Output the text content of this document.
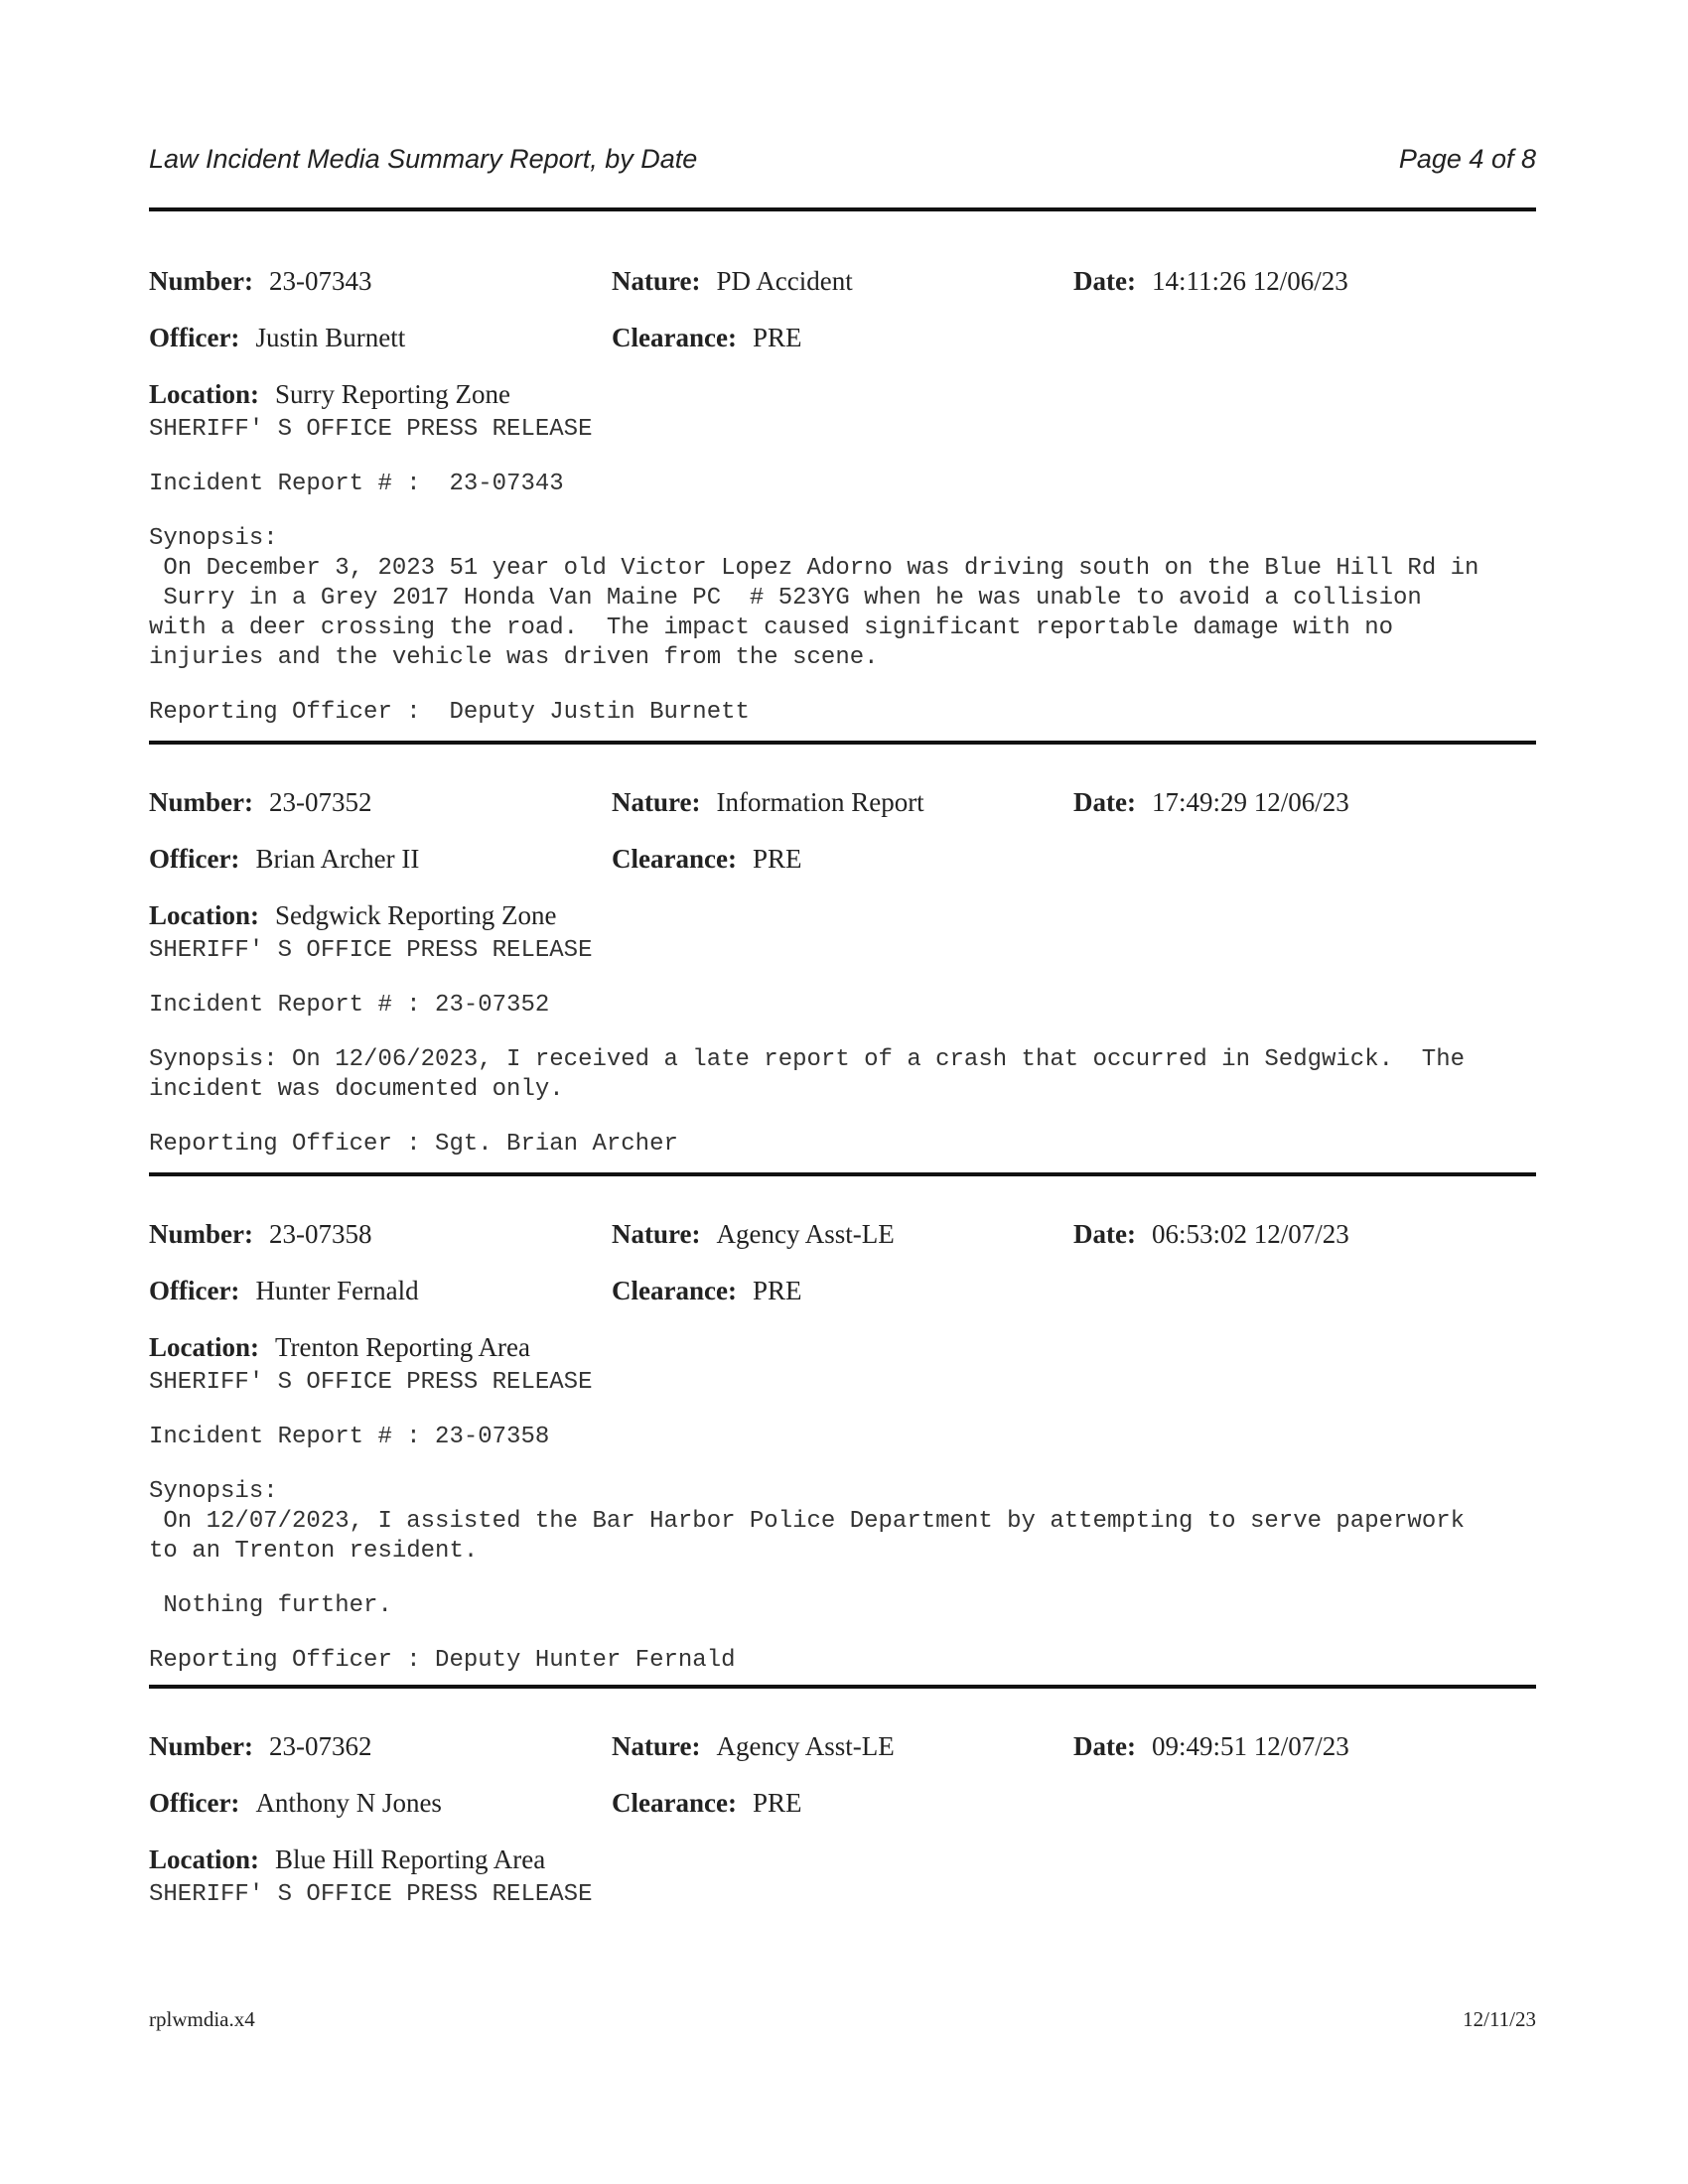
Law Incident Media Summary Report, by Date	Page 4 of 8
Number: 23-07343	Nature: PD Accident	Date: 14:11:26 12/06/23
Officer: Justin Burnett	Clearance: PRE
Location: Surry Reporting Zone

SHERIFF' S OFFICE PRESS RELEASE

Incident Report # :  23-07343

Synopsis:
On December 3, 2023 51 year old Victor Lopez Adorno was driving south on the Blue Hill Rd in
Surry in a Grey 2017 Honda Van Maine PC  # 523YG when he was unable to avoid a collision
with a deer crossing the road.  The impact caused significant reportable damage with no
injuries and the vehicle was driven from the scene.

Reporting Officer :  Deputy Justin Burnett

Number: 23-07352	Nature: Information Report	Date: 17:49:29 12/06/23
Officer: Brian Archer II	Clearance: PRE
Location: Sedgwick Reporting Zone

SHERIFF' S OFFICE PRESS RELEASE

Incident Report # : 23-07352

Synopsis: On 12/06/2023, I received a late report of a crash that occurred in Sedgwick.  The
incident was documented only.

Reporting Officer : Sgt. Brian Archer

Number: 23-07358	Nature: Agency Asst-LE	Date: 06:53:02 12/07/23
Officer: Hunter Fernald	Clearance: PRE
Location: Trenton Reporting Area

SHERIFF' S OFFICE PRESS RELEASE

Incident Report # : 23-07358

Synopsis:
On 12/07/2023, I assisted the Bar Harbor Police Department by attempting to serve paperwork
to an Trenton resident.

Nothing further.

Reporting Officer : Deputy Hunter Fernald

Number: 23-07362	Nature: Agency Asst-LE	Date: 09:49:51 12/07/23
Officer: Anthony N Jones	Clearance: PRE
Location: Blue Hill Reporting Area

SHERIFF' S OFFICE PRESS RELEASE

rplwmdia.x4	12/11/23
